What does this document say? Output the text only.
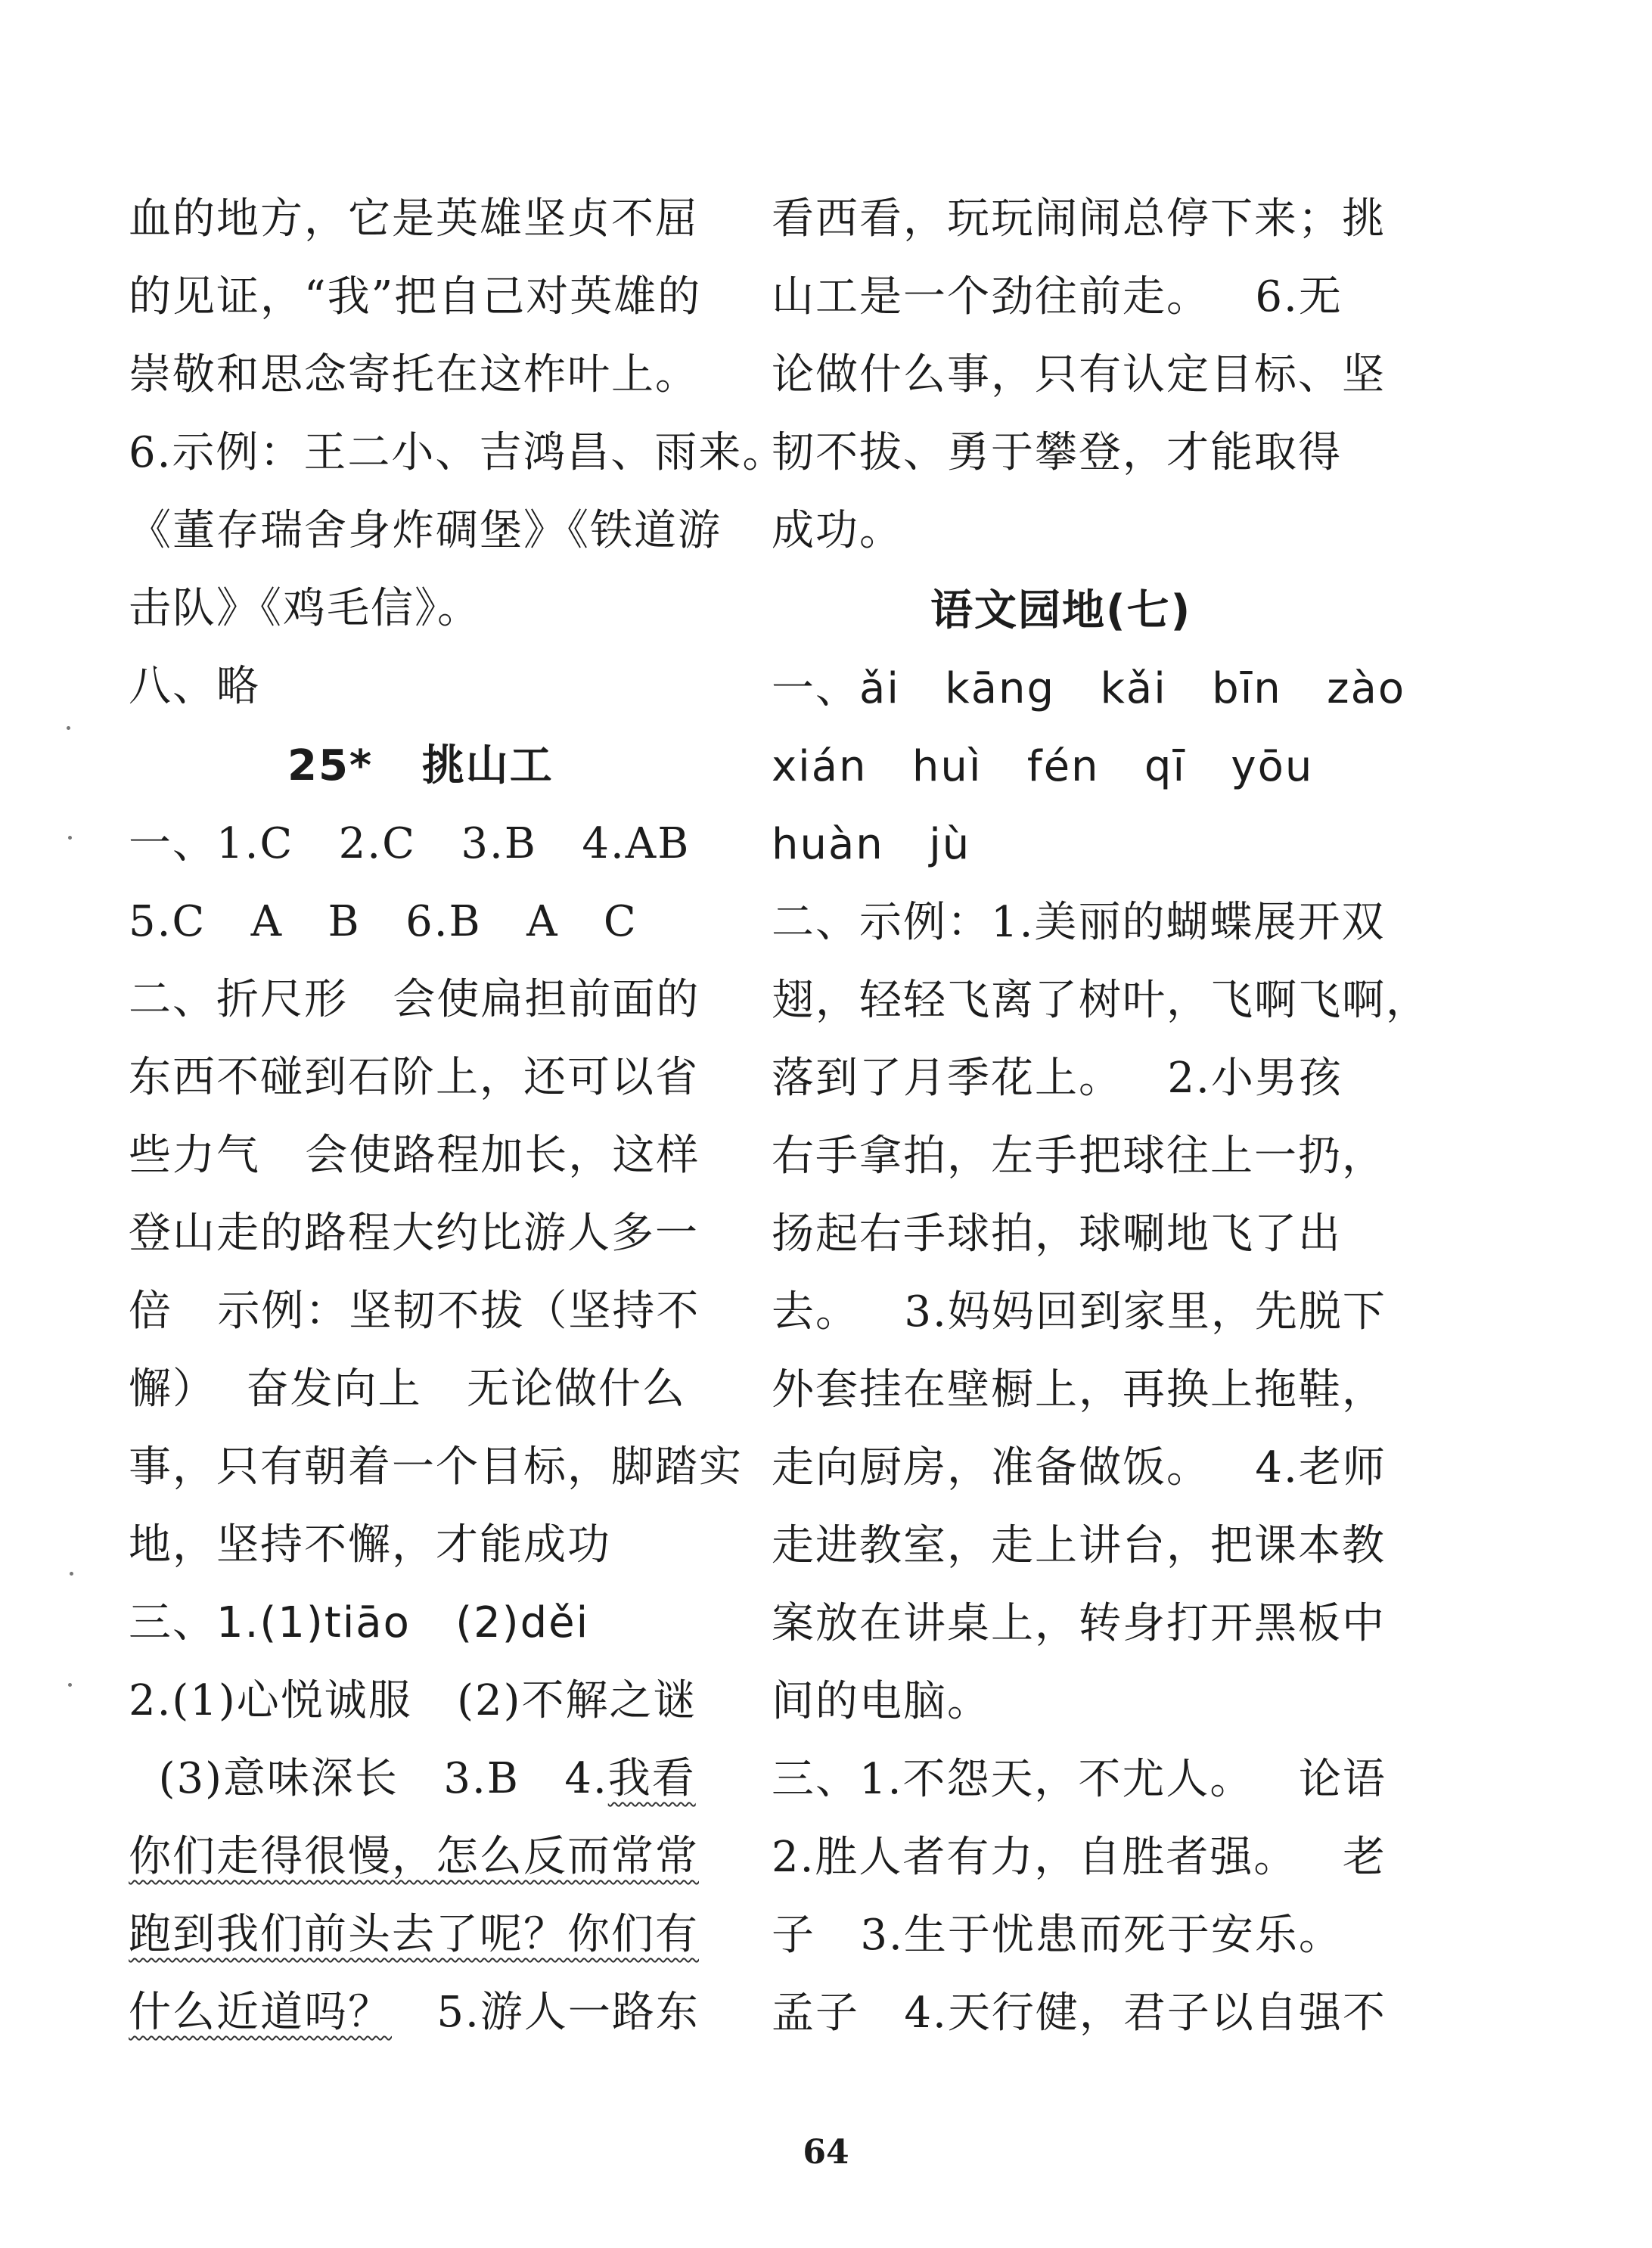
血的地方，它是英雄坚贞不屈
的见证，“我”把自己对英雄的
崇敬和思念寄托在这柞叶上。
6.示例：王二小、吉鸿昌、雨来。
《董存瑞舍身炸碉堡》《铁道游
击队》《鸡毛信》。
八、略
25*   挑山工
一、1.C   2.C   3.B   4.AB
5.C   A   B   6.B   A   C
二、折尺形   会使扁担前面的
东西不碰到石阶上，还可以省
些力气   会使路程加长，这样
登山走的路程大约比游人多一
倍   示例：坚韧不拔（坚持不
懈）  奋发向上   无论做什么
事，只有朝着一个目标，脚踏实
地，坚持不懈，才能成功
三、1.(1)tiāo   (2)děi
2.(1)心悦诚服   (2)不解之谜
(3)意味深长   3.B   4.我看
你们走得很慢，怎么反而常常
跑到我们前头去了呢？你们有
什么近道吗？   5.游人一路东
看西看，玩玩闹闹总停下来；挑
山工是一个劲往前走。   6.无
论做什么事，只有认定目标、坚
韧不拔、勇于攀登，才能取得
成功。
语文园地(七)
一、ǎi   kāng   kǎi   bīn   zào
xián   huì   fén   qī   yōu
huàn   jù
二、示例：1.美丽的蝴蝶展开双
翅，轻轻飞离了树叶，飞啊飞啊，
落到了月季花上。   2.小男孩
右手拿拍，左手把球往上一扔，
扬起右手球拍，球唰地飞了出
去。   3.妈妈回到家里，先脱下
外套挂在壁橱上，再换上拖鞋，
走向厨房，准备做饭。   4.老师
走进教室，走上讲台，把课本教
案放在讲桌上，转身打开黑板中
间的电脑。
三、1.不怨天，不尤人。   论语
2.胜人者有力，自胜者强。   老
子   3.生于忧患而死于安乐。
孟子   4.天行健，君子以自强不
64
